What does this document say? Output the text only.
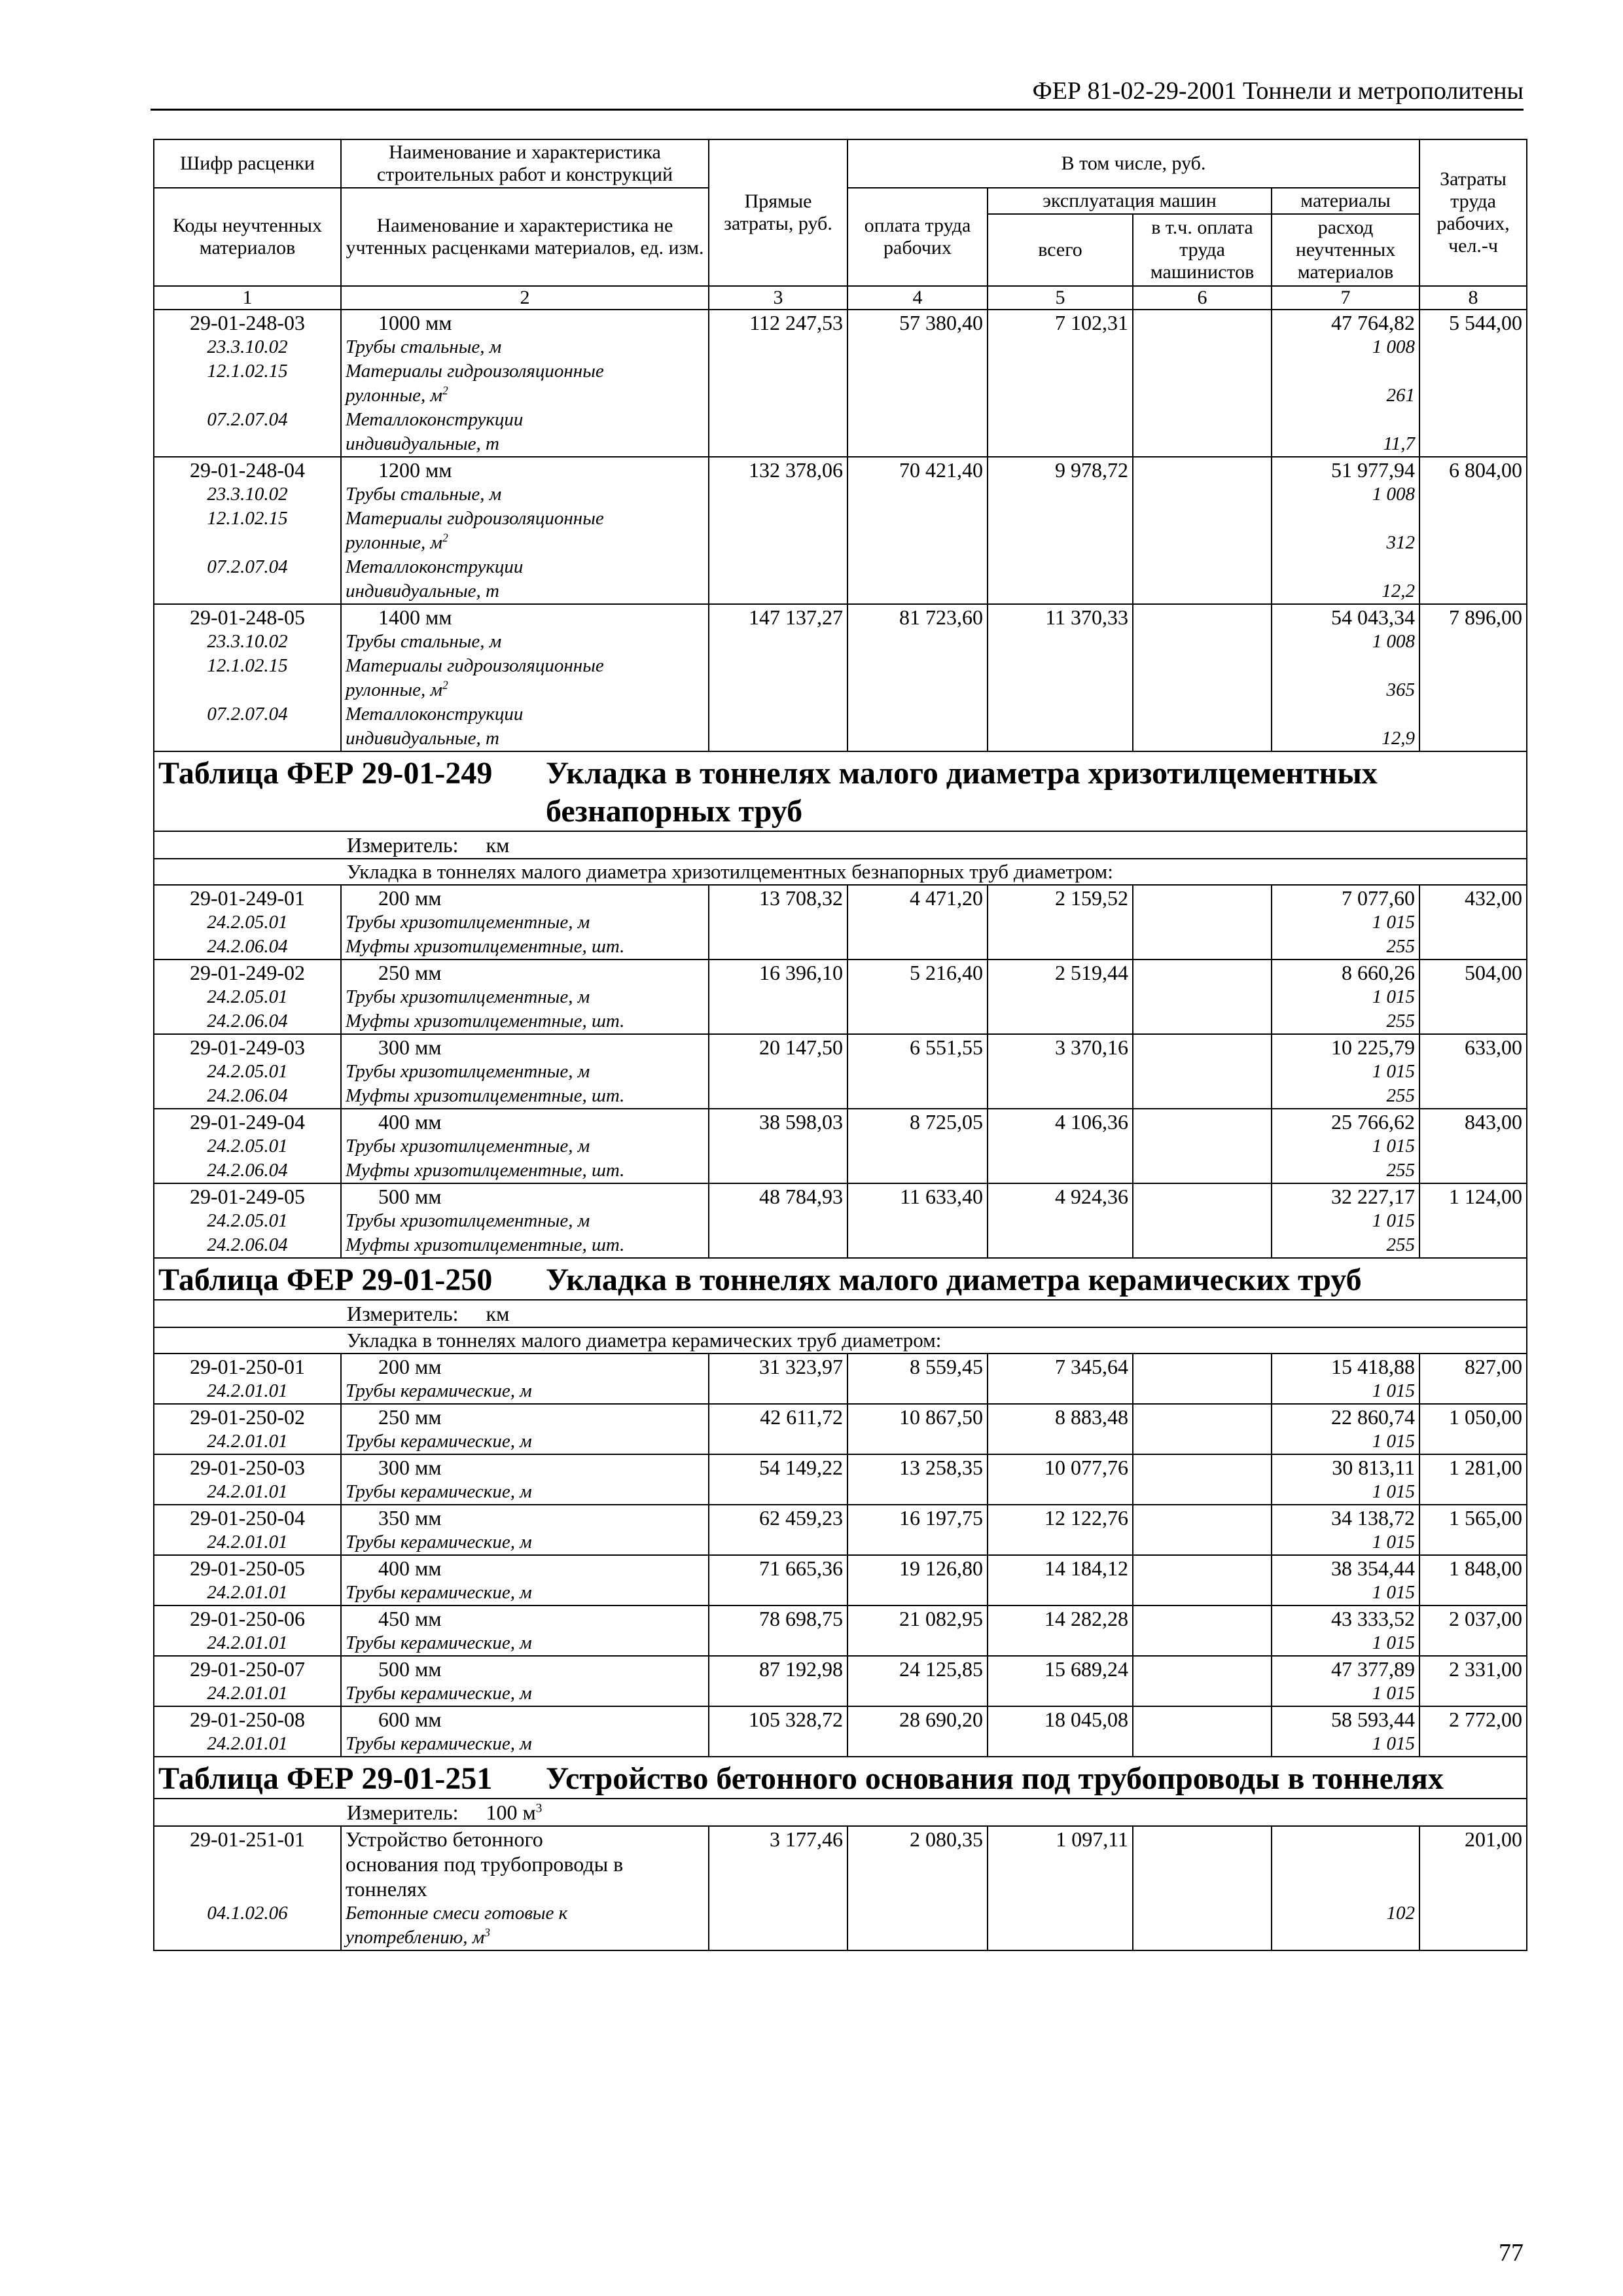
ФЕР 81-02-29-2001 Тоннели и метрополитены
Шифр расценки	Наименование и характеристика строительных работ и конструкций	Прямые затраты, руб.	В том числе, руб.				Затраты труда рабочих, чел.-ч
Коды неучтенных материалов	Наименование и характеристика не учтенных расценками материалов, ед. изм.		оплата труда рабочих	эксплуатация машин		материалы	
				всего	в т.ч. оплата труда машинистов	расход неучтенных материалов	
1	2	3	4	5	6	7	8
29-01-248-03	1000 мм	112 247,53	57 380,40	7 102,31		47 764,82	5 544,00
23.3.10.02	Трубы стальные, м					1 008	
12.1.02.15	Материалы гидроизоляционные						
	рулонные, $м^2$					261	
07.2.07.04	Металлоконструкции						
	индивидуальные, т					11,7	
29-01-248-04	1200 мм	132 378,06	70 421,40	9 978,72		51 977,94	6 804,00
23.3.10.02	Трубы стальные, м					1 008	
12.1.02.15	Материалы гидроизоляционные						
	рулонные, $м^2$					312	
07.2.07.04	Металлоконструкции						
	индивидуальные, т					12,2	
29-01-248-05	1400 мм	147 137,27	81 723,60	11 370,33		54 043,34	7 896,00
23.3.10.02	Трубы стальные, м					1 008	
12.1.02.15	Материалы гидроизоляционные						
	рулонные, $м^2$					365	
07.2.07.04	Металлоконструкции						
	индивидуальные, т					12,9	
Таблица ФЕР 29-01-249 Укладка в тоннелях малого диаметра хризотилцементных безнапорных труб							
Измеритель: км							
Укладка в тоннелях малого диаметра хризотилцементных безнапорных труб диаметром:							
29-01-249-01	200 мм	13 708,32	4 471,20	2 159,52		7 077,60	432,00
24.2.05.01	Трубы хризотилцементные, м					1 015	
24.2.06.04	Муфты хризотилцементные, шт.					255	
29-01-249-02	250 мм	16 396,10	5 216,40	2 519,44		8 660,26	504,00
24.2.05.01	Трубы хризотилцементные, м					1 015	
24.2.06.04	Муфты хризотилцементные, шт.					255	
29-01-249-03	300 мм	20 147,50	6 551,55	3 370,16		10 225,79	633,00
24.2.05.01	Трубы хризотилцементные, м					1 015	
24.2.06.04	Муфты хризотилцементные, шт.					255	
29-01-249-04	400 мм	38 598,03	8 725,05	4 106,36		25 766,62	843,00
24.2.05.01	Трубы хризотилцементные, м					1 015	
24.2.06.04	Муфты хризотилцементные, шт.					255	
29-01-249-05	500 мм	48 784,93	11 633,40	4 924,36		32 227,17	1 124,00
24.2.05.01	Трубы хризотилцементные, м					1 015	
24.2.06.04	Муфты хризотилцементные, шт.					255	
Таблица ФЕР 29-01-250 Укладка в тоннелях малого диаметра керамических труб							
Измеритель: км							
Укладка в тоннелях малого диаметра керамических труб диаметром:							
29-01-250-01	200 мм	31 323,97	8 559,45	7 345,64		15 418,88	827,00
24.2.01.01	Трубы керамические, м					1 015	
29-01-250-02	250 мм	42 611,72	10 867,50	8 883,48		22 860,74	1 050,00
24.2.01.01	Трубы керамические, м					1 015	
29-01-250-03	300 мм	54 149,22	13 258,35	10 077,76		30 813,11	1 281,00
24.2.01.01	Трубы керамические, м					1 015	
29-01-250-04	350 мм	62 459,23	16 197,75	12 122,76		34 138,72	1 565,00
24.2.01.01	Трубы керамические, м					1 015	
29-01-250-05	400 мм	71 665,36	19 126,80	14 184,12		38 354,44	1 848,00
24.2.01.01	Трубы керамические, м					1 015	
29-01-250-06	450 мм	78 698,75	21 082,95	14 282,28		43 333,52	2 037,00
24.2.01.01	Трубы керамические, м					1 015	
29-01-250-07	500 мм	87 192,98	24 125,85	15 689,24		47 377,89	2 331,00
24.2.01.01	Трубы керамические, м					1 015	
29-01-250-08	600 мм	105 328,72	28 690,20	18 045,08		58 593,44	2 772,00
24.2.01.01	Трубы керамические, м					1 015	
Таблица ФЕР 29-01-251 Устройство бетонного основания под трубопроводы в тоннелях							
Измеритель: 100 $м^3$
29-01-251-01	Устройство бетонного
основания под трубопроводы в
тоннелях	3 177,46	2 080,35	1 097,11			201,00
04.1.02.06	Бетонные смеси готовые к					102	
	употреблению, $м^3$						
77
